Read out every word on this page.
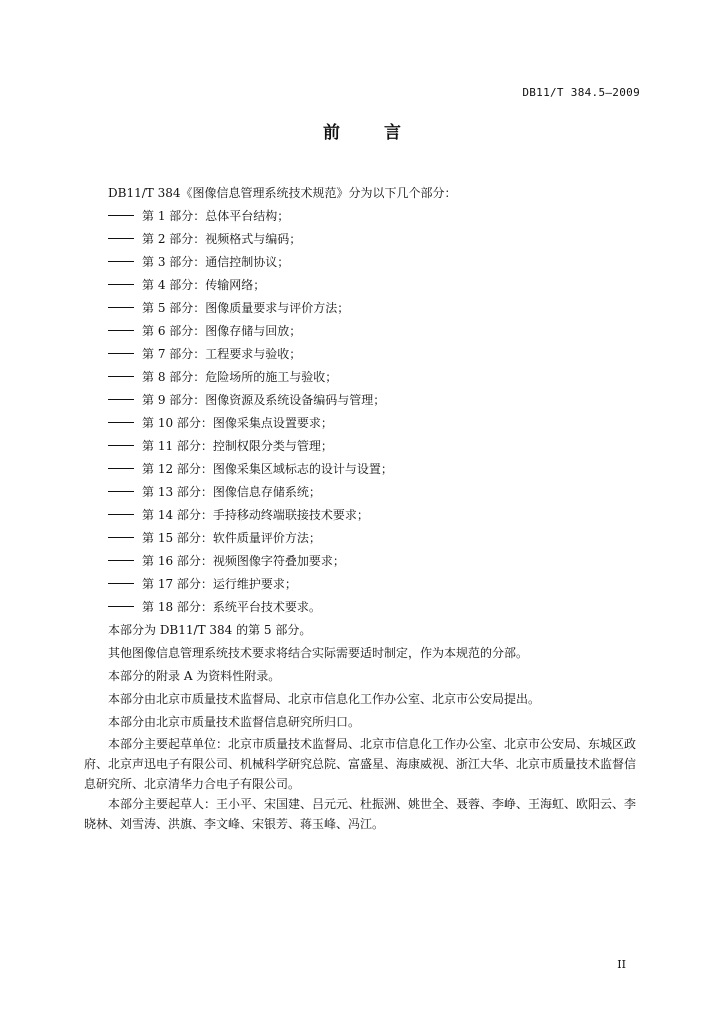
DB11/T 384.5—2009
前	言

DB11/T 384《图像信息管理系统技术规范》分为以下几个部分：

第 1 部分：总体平台结构；
第 2 部分：视频格式与编码；
第 3 部分：通信控制协议；
第 4 部分：传输网络；
第 5 部分：图像质量要求与评价方法；
第 6 部分：图像存储与回放；
第 7 部分：工程要求与验收；
第 8 部分：危险场所的施工与验收；
第 9 部分：图像资源及系统设备编码与管理；
第 10 部分：图像采集点设置要求；
第 11 部分：控制权限分类与管理；
第 12 部分：图像采集区域标志的设计与设置；
第 13 部分：图像信息存储系统；
第 14 部分：手持移动终端联接技术要求；
第 15 部分：软件质量评价方法；
第 16 部分：视频图像字符叠加要求；
第 17 部分：运行维护要求；
第 18 部分：系统平台技术要求。

本部分为 DB11/T 384 的第 5 部分。

其他图像信息管理系统技术要求将结合实际需要适时制定，作为本规范的分部。

本部分的附录 A 为资料性附录。

本部分由北京市质量技术监督局、北京市信息化工作办公室、北京市公安局提出。

本部分由北京市质量技术监督信息研究所归口。

本部分主要起草单位：北京市质量技术监督局、北京市信息化工作办公室、北京市公安局、东城区政府、北京声迅电子有限公司、机械科学研究总院、富盛星、海康威视、浙江大华、北京市质量技术监督信息研究所、北京清华力合电子有限公司。

本部分主要起草人：王小平、宋国建、吕元元、杜振洲、姚世全、聂蓉、李峥、王海虹、欧阳云、李晓林、刘雪涛、洪旗、李文峰、宋银芳、蒋玉峰、冯江。

II
